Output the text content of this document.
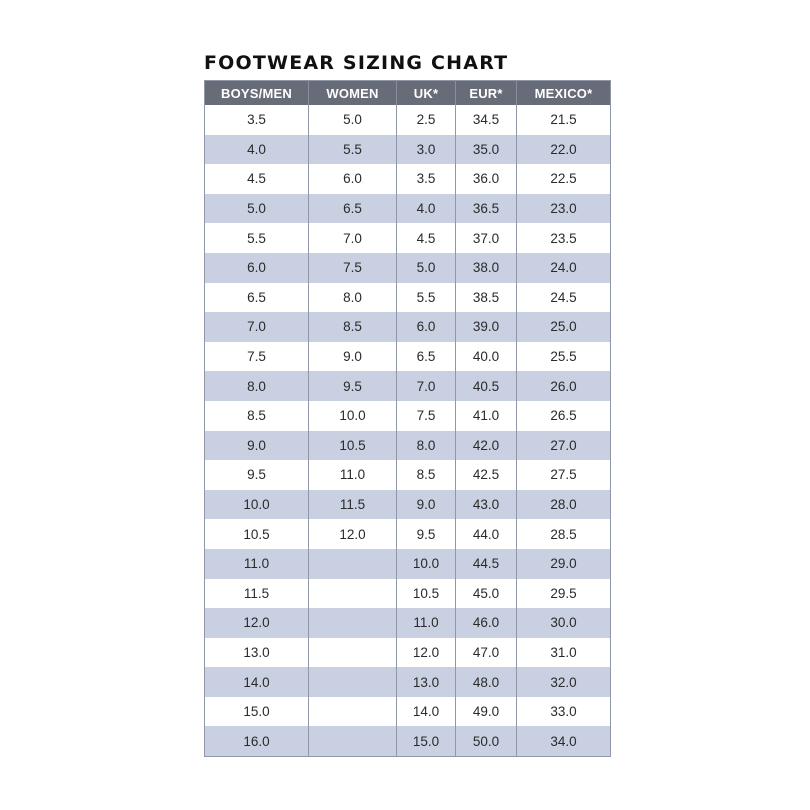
FOOTWEAR SIZING CHART
BOYS/MEN	WOMEN	UK*	EUR*	MEXICO*
3.5	5.0	2.5	34.5	21.5
4.0	5.5	3.0	35.0	22.0
4.5	6.0	3.5	36.0	22.5
5.0	6.5	4.0	36.5	23.0
5.5	7.0	4.5	37.0	23.5
6.0	7.5	5.0	38.0	24.0
6.5	8.0	5.5	38.5	24.5
7.0	8.5	6.0	39.0	25.0
7.5	9.0	6.5	40.0	25.5
8.0	9.5	7.0	40.5	26.0
8.5	10.0	7.5	41.0	26.5
9.0	10.5	8.0	42.0	27.0
9.5	11.0	8.5	42.5	27.5
10.0	11.5	9.0	43.0	28.0
10.5	12.0	9.5	44.0	28.5
11.0		10.0	44.5	29.0
11.5		10.5	45.0	29.5
12.0		11.0	46.0	30.0
13.0		12.0	47.0	31.0
14.0		13.0	48.0	32.0
15.0		14.0	49.0	33.0
16.0		15.0	50.0	34.0
